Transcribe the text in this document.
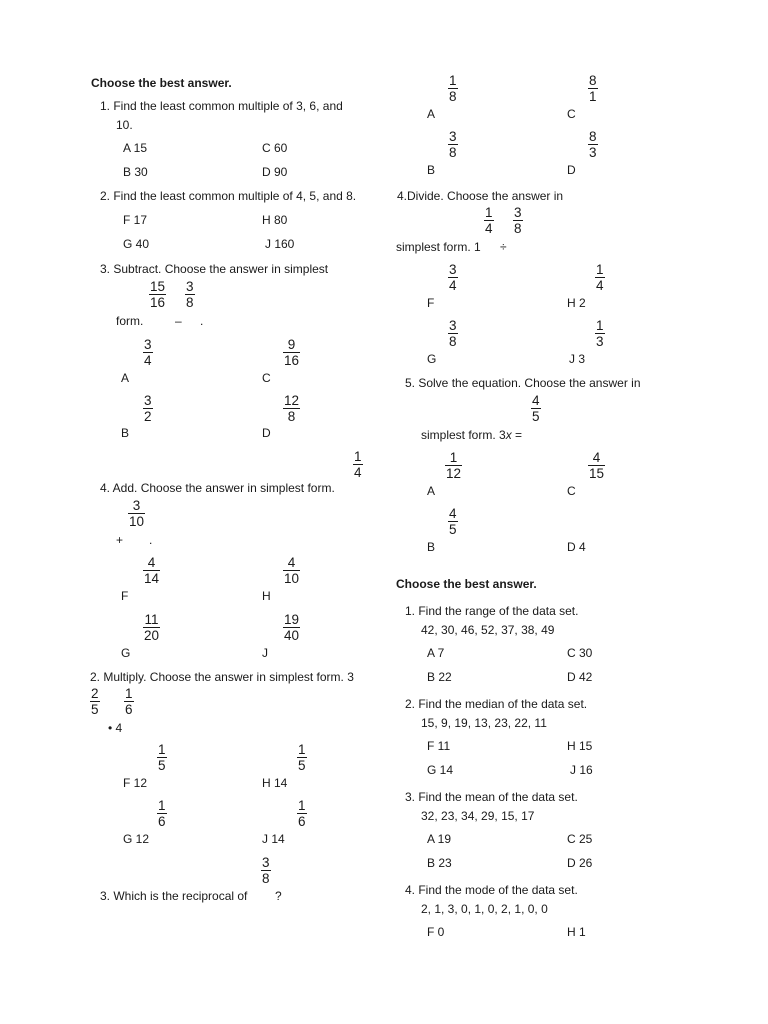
Choose the best answer.
1. Find the least common multiple of 3, 6, and
10.
A 15	C 60
B 30	D 90
2. Find the least common multiple of 4, 5, and 8.
F 17	H 80
G 40	J 160
3. Subtract. Choose the answer in simplest
$\frac{15}{16} \frac{3}{8}$
form.	– .
$\frac{3}{4}$	$\frac{9}{16}$
A	C
$\frac{3}{2}$	$\frac{12}{8}$
B	D
$\frac{1}{4}$
4. Add. Choose the answer in simplest form.
$\frac{3}{10}$
+ .
$\frac{4}{14}$	$\frac{4}{10}$
F	H
$\frac{11}{20}$	$\frac{19}{40}$
G	J
2. Multiply. Choose the answer in simplest form. 3
$\frac{2}{5} \frac{1}{6}$
• 4
$\frac{1}{5}$	$\frac{1}{5}$
F 12	H 14
$\frac{1}{6}$	$\frac{1}{6}$
G 12	J 14
$\frac{3}{8}$
3. Which is the reciprocal of ?
$\frac{1}{8}$	$\frac{8}{1}$
A	C
$\frac{3}{8}$	$\frac{8}{3}$
B	D
4.Divide. Choose the answer in
$\frac{1}{4} \frac{3}{8}$
simplest form. 1 ÷
$\frac{3}{4}$	$\frac{1}{4}$
F	H 2
$\frac{3}{8}$	$\frac{1}{3}$
G	J 3
5. Solve the equation. Choose the answer in
$\frac{4}{5}$
simplest form. 3x =
$\frac{1}{12}$	$\frac{4}{15}$
A	C
$\frac{4}{5}$
B	D 4
Choose the best answer.
1. Find the range of the data set.
42, 30, 46, 52, 37, 38, 49
A 7	C 30
B 22	D 42
2. Find the median of the data set.
15, 9, 19, 13, 23, 22, 11
F 11	H 15
G 14	J 16
3. Find the mean of the data set.
32, 23, 34, 29, 15, 17
A 19	C 25
B 23	D 26
4. Find the mode of the data set.
2, 1, 3, 0, 1, 0, 2, 1, 0, 0
F 0	H 1
